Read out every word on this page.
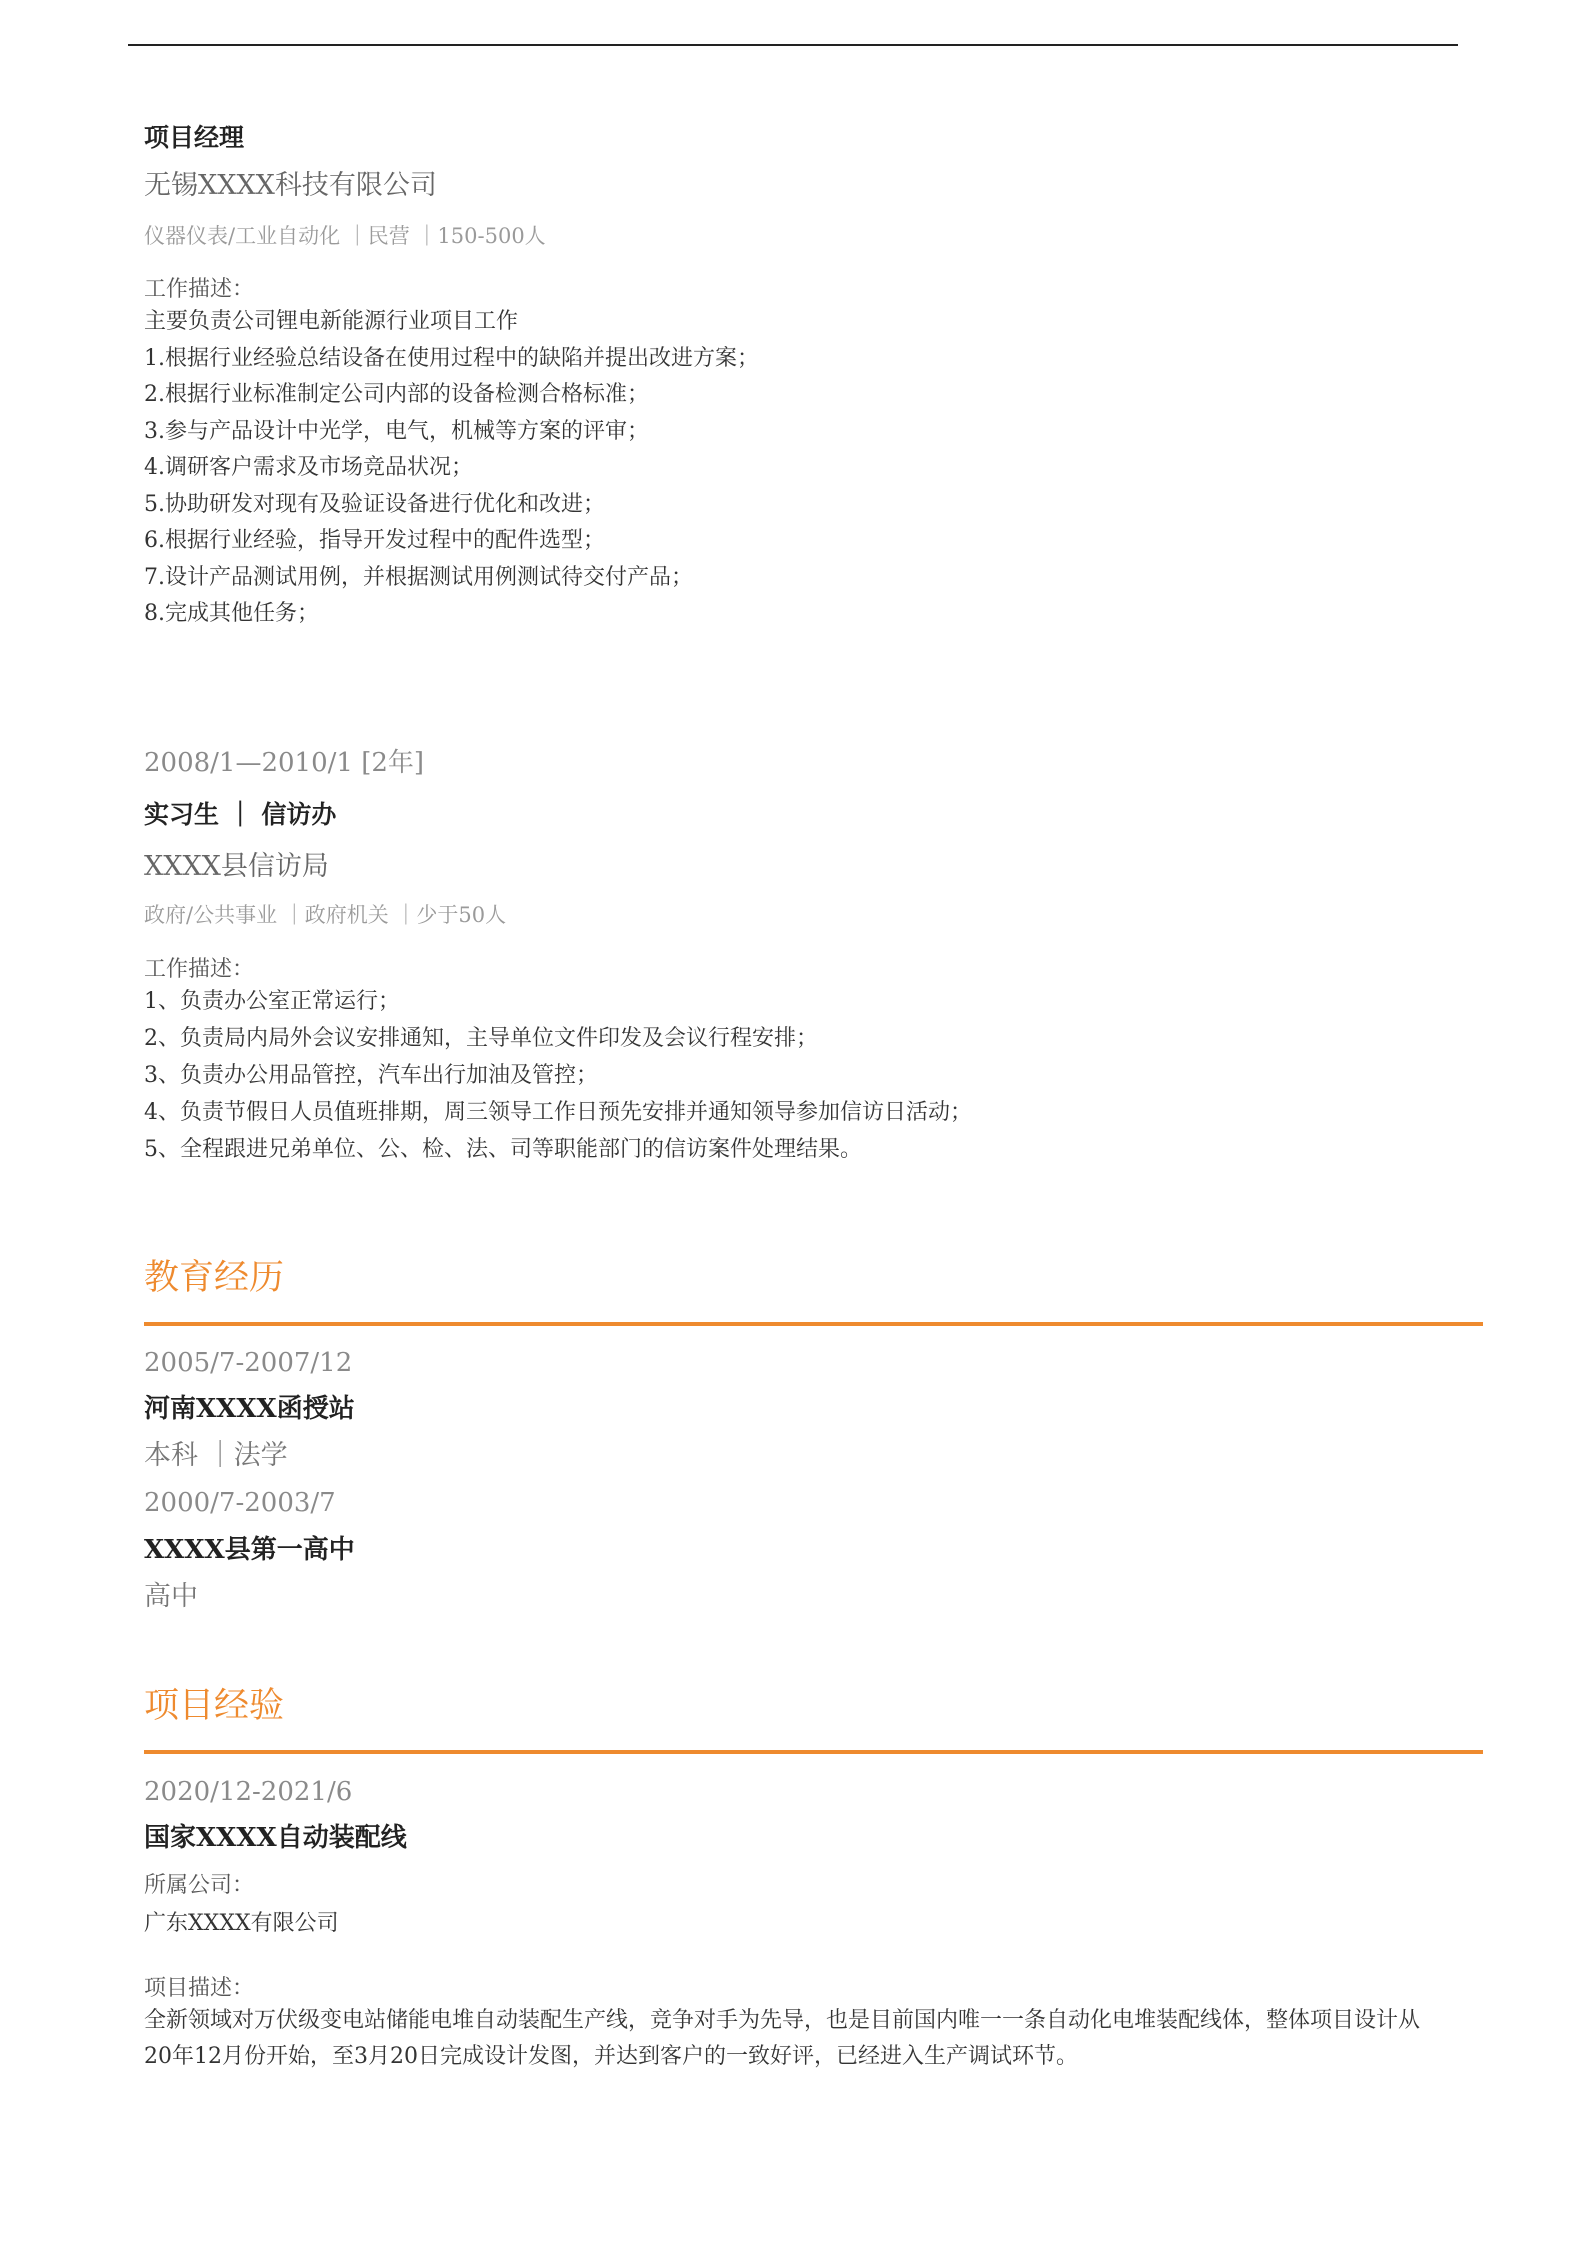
项目经理
无锡XXXX科技有限公司
仪器仪表/工业自动化 ｜民营 ｜150-500人
工作描述：
主要负责公司锂电新能源行业项目工作
1.根据行业经验总结设备在使用过程中的缺陷并提出改进方案；
2.根据行业标准制定公司内部的设备检测合格标准；
3.参与产品设计中光学，电气，机械等方案的评审；
4.调研客户需求及市场竞品状况；
5.协助研发对现有及验证设备进行优化和改进；
6.根据行业经验，指导开发过程中的配件选型；
7.设计产品测试用例，并根据测试用例测试待交付产品；
8.完成其他任务；
2008/1—2010/1 [2年]
实习生 ｜ 信访办
XXXX县信访局
政府/公共事业 ｜政府机关 ｜少于50人
工作描述：
1、负责办公室正常运行；
2、负责局内局外会议安排通知，主导单位文件印发及会议行程安排；
3、负责办公用品管控，汽车出行加油及管控；
4、负责节假日人员值班排期，周三领导工作日预先安排并通知领导参加信访日活动；
5、全程跟进兄弟单位、公、检、法、司等职能部门的信访案件处理结果。
教育经历
2005/7-2007/12
河南XXXX函授站
本科 ｜法学
2000/7-2003/7
XXXX县第一高中
高中
项目经验
2020/12-2021/6
国家XXXX自动装配线
所属公司：
广东XXXX有限公司
项目描述：
全新领域对万伏级变电站储能电堆自动装配生产线，竞争对手为先导，也是目前国内唯一一条自动化电堆装配线体，整体项目设计从20年12月份开始，至3月20日完成设计发图，并达到客户的一致好评，已经进入生产调试环节。
